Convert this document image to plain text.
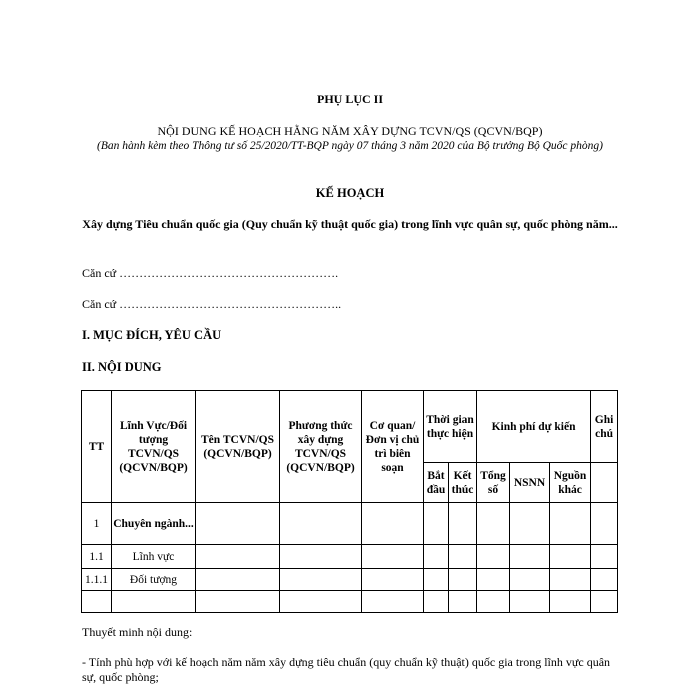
PHỤ LỤC II
NỘI DUNG KẾ HOẠCH HẰNG NĂM XÂY DỰNG TCVN/QS (QCVN/BQP)
(Ban hành kèm theo Thông tư số 25/2020/TT-BQP ngày 07 tháng 3 năm 2020 của Bộ trưởng Bộ Quốc phòng)
KẾ HOẠCH
Xây dựng Tiêu chuẩn quốc gia (Quy chuẩn kỹ thuật quốc gia) trong lĩnh vực quân sự, quốc phòng năm...
Căn cứ ……………………………………………….
Căn cứ ………………………………………………..
I. MỤC ĐÍCH, YÊU CẦU
II. NỘI DUNG
TT	Lĩnh Vực/Đối tượng TCVN/QS (QCVN/BQP)	Tên TCVN/QS (QCVN/BQP)	Phương thức xây dựng TCVN/QS (QCVN/BQP)	Cơ quan/Đơn vị chủ trì biên soạn	Thời gian thực hiện		Kinh phí dự kiến			Ghi chú
					Bắt đầu	Kết thúc	Tổng số	NSNN	Nguồn khác	
1	Chuyên ngành...									
1.1	Lĩnh vực									
1.1.1	Đối tượng									

Thuyết minh nội dung:
- Tính phù hợp với kế hoạch năm năm xây dựng tiêu chuẩn (quy chuẩn kỹ thuật) quốc gia trong lĩnh vực quân sự, quốc phòng;
